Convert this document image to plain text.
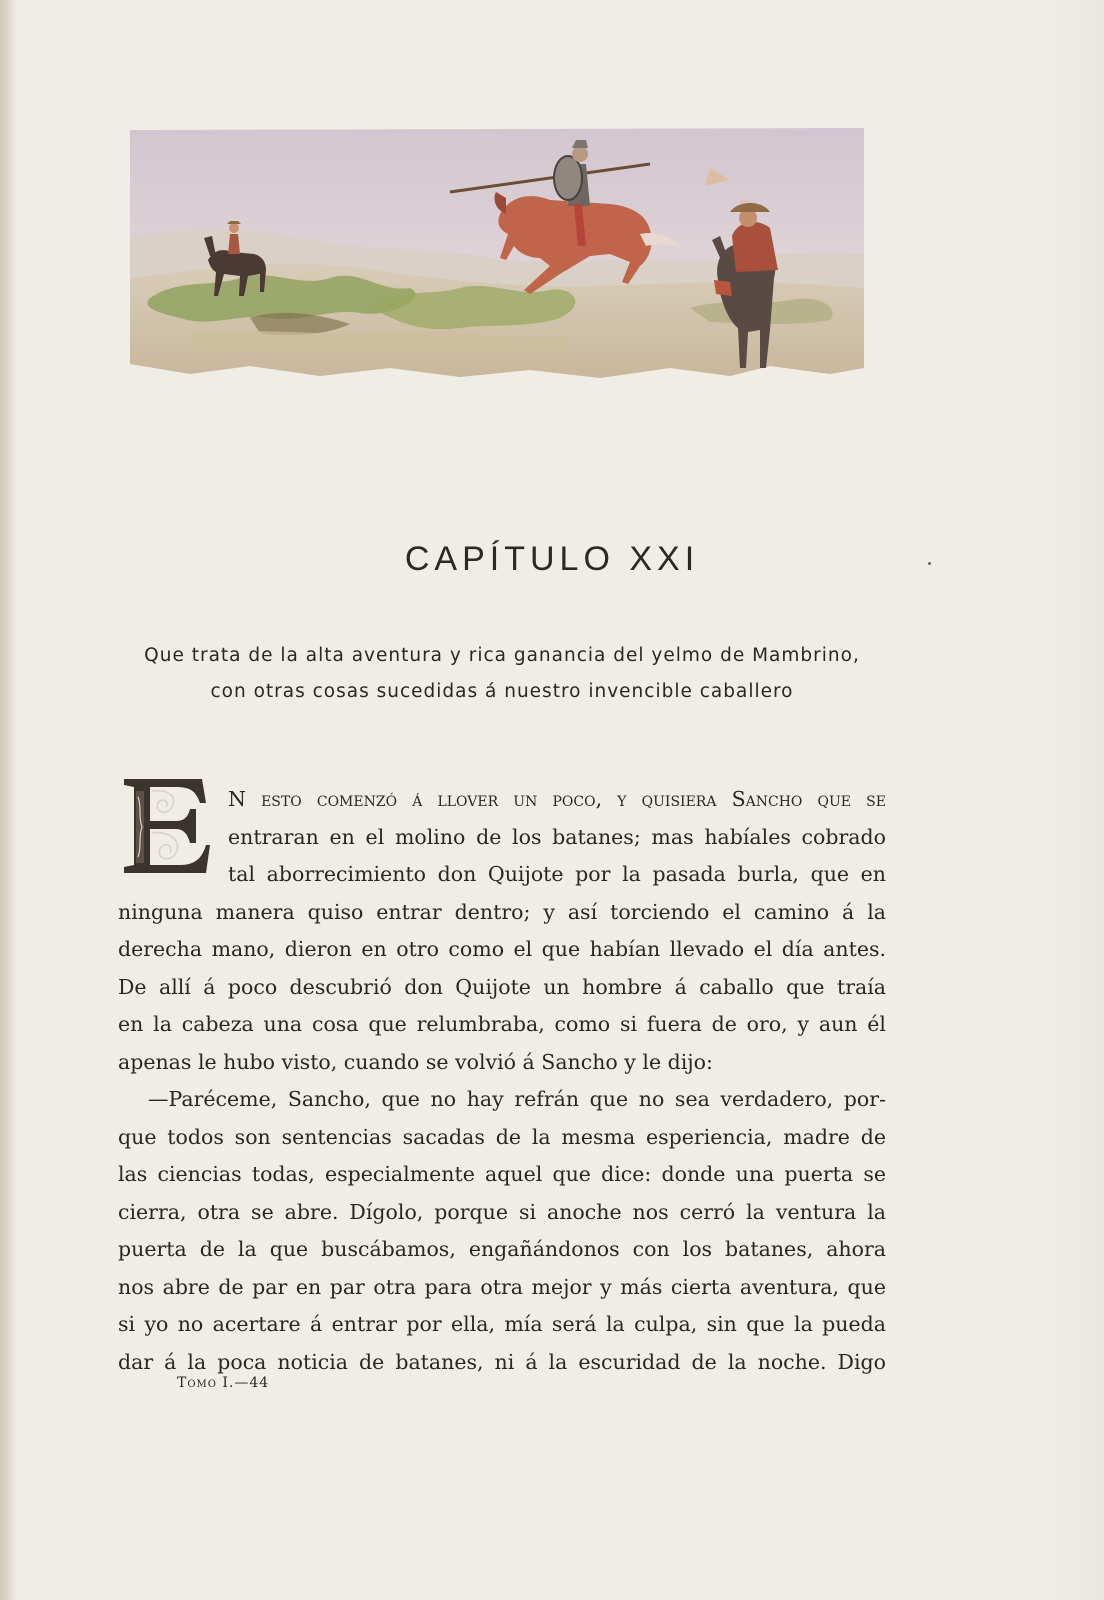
CAPÍTULO XXI
Que trata de la alta aventura y rica ganancia del yelmo de Mambrino,
con otras cosas sucedidas á nuestro invencible caballero
N esto comenzó á llover un poco, y quisiera Sancho que se
entraran en el molino de los batanes; mas habíales cobrado
tal aborrecimiento don Quijote por la pasada burla, que en
ninguna manera quiso entrar dentro; y así torciendo el camino á la
derecha mano, dieron en otro como el que habían llevado el día antes.
De allí á poco descubrió don Quijote un hombre á caballo que traía
en la cabeza una cosa que relumbraba, como si fuera de oro, y aun él
apenas le hubo visto, cuando se volvió á Sancho y le dijo:
—Paréceme, Sancho, que no hay refrán que no sea verdadero, por-
que todos son sentencias sacadas de la mesma esperiencia, madre de
las ciencias todas, especialmente aquel que dice: donde una puerta se
cierra, otra se abre. Dígolo, porque si anoche nos cerró la ventura la
puerta de la que buscábamos, engañándonos con los batanes, ahora
nos abre de par en par otra para otra mejor y más cierta aventura, que
si yo no acertare á entrar por ella, mía será la culpa, sin que la pueda
dar á la poca noticia de batanes, ni á la escuridad de la noche. Digo
Tomo I.—44
